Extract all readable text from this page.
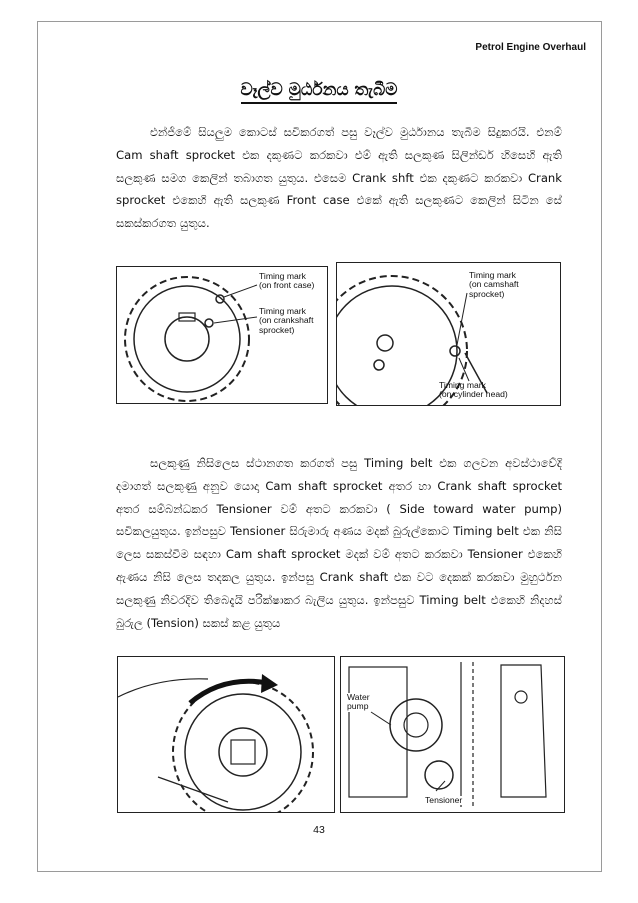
Petrol Engine Overhaul
වෑල්ව මුර්ඨනය තැබීම

එන්ජිමේ සියලුම කොටස් සවිකරගත් පසු වෑල්ව මුර්ඨානය තැබීම සිදුකරයි. එනම් Cam shaft sprocket එක දකුණට කරකවා එම් ඇති සලකුණ සිලින්ඩර් හිසෙහි ඇති සලකුණ සමග කෙලින් තබාගත යුතුය. එසෙම Crank shft එක දකුණට කරකවා Crank sprocket එකෙහි ඇති සලකුණ Front case එකේ ඇති සලකුණට කෙලින් සිටින සේ සකස්කරගත යුතුය.

Timing mark
(on front case)
Timing mark
(on crankshaft
sprocket)
Timing mark
(on camshaft
sprocket)
Timing mark
(on cylinder head)

සලකුණු නිසිලෙස ස්ථානගත කරගත් පසු Timing belt එක ගලවන අවස්ථාවේදි දමාගත් සලකුණු අනුව යොදා Cam shaft sprocket අතර හා Crank shaft sprocket අතර සම්බන්ධකර Tensioner වම් අතට කරකවා ( Side toward water pump) සවිකලයුතුය. ඉන්පසුව Tensioner සිරුමාරු අණය මදක් බුරුල්කොට Timing belt එක නිසි ලෙස සකස්වීම සඳහා Cam shaft sprocket මදක් වම් අතට කරකවා Tensioner එකෙහි ඇණය නිසි ලෙස තදකල යුතුය. ඉන්පසු Crank shaft එක වට දෙකක් කරකවා මුහුර්ථන සලකුණු නිවරදිව තිබෙදැයි පරික්ෂාකර බැලිය යුතුය. ඉන්පසුව Timing belt එකෙහි නිදහස් බුරුල (Tension) සකස් කළ යුතුය

Water
pump
Tensioner
43
